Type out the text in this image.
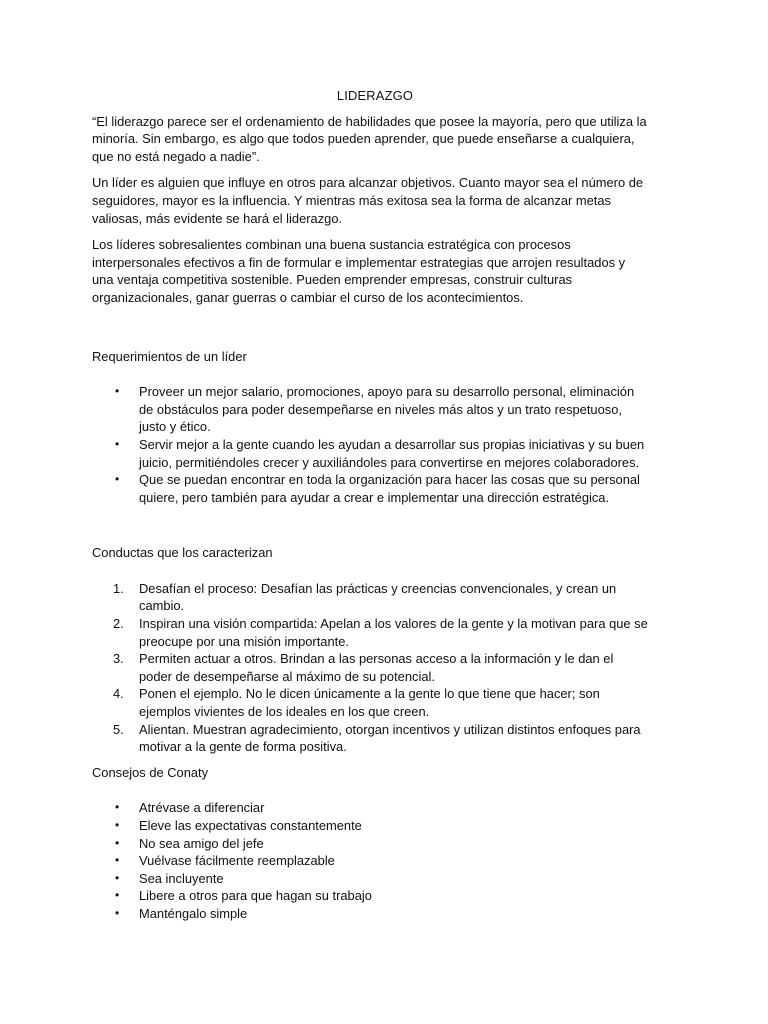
LIDERAZGO

“El liderazgo parece ser el ordenamiento de habilidades que posee la mayoría, pero que utiliza la minoría. Sin embargo, es algo que todos pueden aprender, que puede enseñarse a cualquiera, que no está negado a nadie”.

Un líder es alguien que influye en otros para alcanzar objetivos. Cuanto mayor sea el número de seguidores, mayor es la influencia. Y mientras más exitosa sea la forma de alcanzar metas valiosas, más evidente se hará el liderazgo.

Los líderes sobresalientes combinan una buena sustancia estratégica con procesos interpersonales efectivos a fin de formular e implementar estrategias que arrojen resultados y una ventaja competitiva sostenible. Pueden emprender empresas, construir culturas organizacionales, ganar guerras o cambiar el curso de los acontecimientos.

Requerimientos de un líder
• Proveer un mejor salario, promociones, apoyo para su desarrollo personal, eliminación de obstáculos para poder desempeñarse en niveles más altos y un trato respetuoso, justo y ético.
• Servir mejor a la gente cuando les ayudan a desarrollar sus propias iniciativas y su buen juicio, permitiéndoles crecer y auxiliándoles para convertirse en mejores colaboradores.
• Que se puedan encontrar en toda la organización para hacer las cosas que su personal quiere, pero también para ayudar a crear e implementar una dirección estratégica.
Conductas que los caracterizan
1. Desafían el proceso: Desafían las prácticas y creencias convencionales, y crean un cambio.
2. Inspiran una visión compartida: Apelan a los valores de la gente y la motivan para que se preocupe por una misión importante.
3. Permiten actuar a otros. Brindan a las personas acceso a la información y le dan el poder de desempeñarse al máximo de su potencial.
4. Ponen el ejemplo. No le dicen únicamente a la gente lo que tiene que hacer; son ejemplos vivientes de los ideales en los que creen.
5. Alientan. Muestran agradecimiento, otorgan incentivos y utilizan distintos enfoques para motivar a la gente de forma positiva.
Consejos de Conaty
• Atrévase a diferenciar
• Eleve las expectativas constantemente
• No sea amigo del jefe
• Vuélvase fácilmente reemplazable
• Sea incluyente
• Libere a otros para que hagan su trabajo
• Manténgalo simple
